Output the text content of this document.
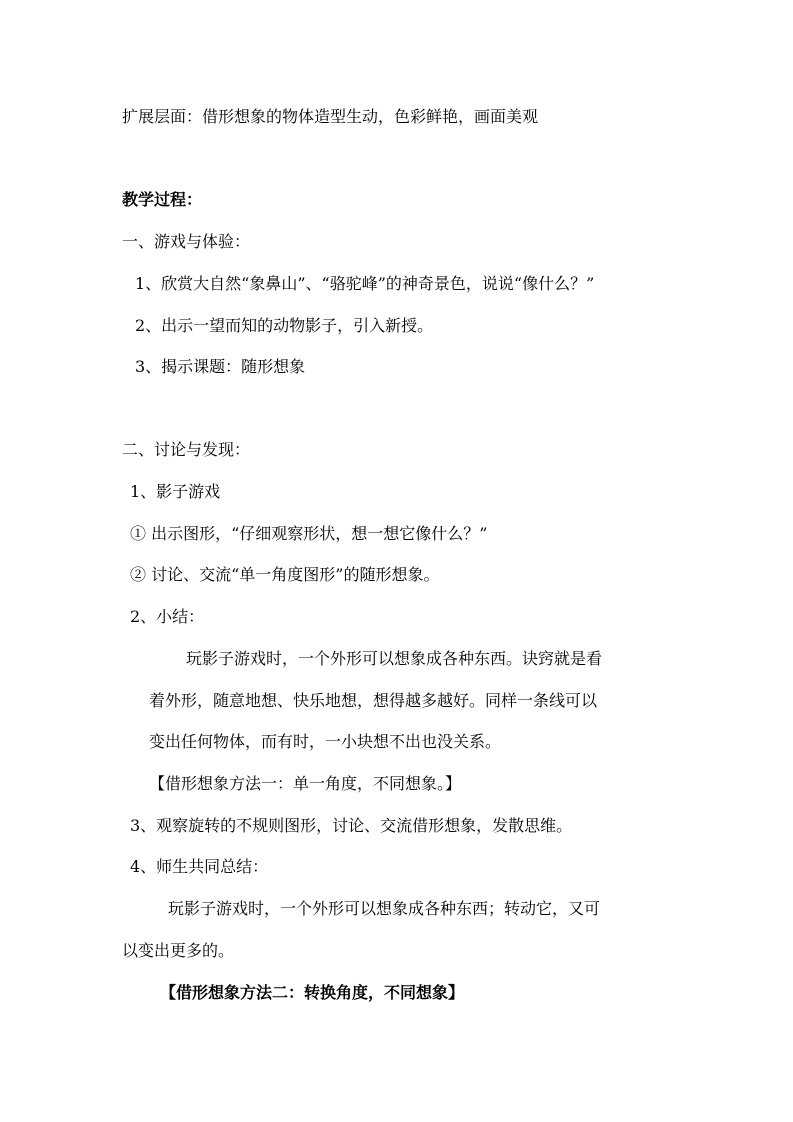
扩展层面：借形想象的物体造型生动，色彩鲜艳，画面美观
教学过程：
一、游戏与体验：
1、欣赏大自然“象鼻山”、“骆驼峰”的神奇景色，说说“像什么？”
2、出示一望而知的动物影子，引入新授。
3、揭示课题：随形想象
二、讨论与发现：
1、影子游戏
① 出示图形，“仔细观察形状，想一想它像什么？”
② 讨论、交流“单一角度图形”的随形想象。
2、小结：
玩影子游戏时，一个外形可以想象成各种东西。诀窍就是看
着外形，随意地想、快乐地想，想得越多越好。同样一条线可以
变出任何物体，而有时，一小块想不出也没关系。
【借形想象方法一：单一角度，不同想象。】
3、观察旋转的不规则图形，讨论、交流借形想象，发散思维。
4、师生共同总结：
玩影子游戏时，一个外形可以想象成各种东西；转动它，又可
以变出更多的。
【借形想象方法二：转换角度，不同想象】
